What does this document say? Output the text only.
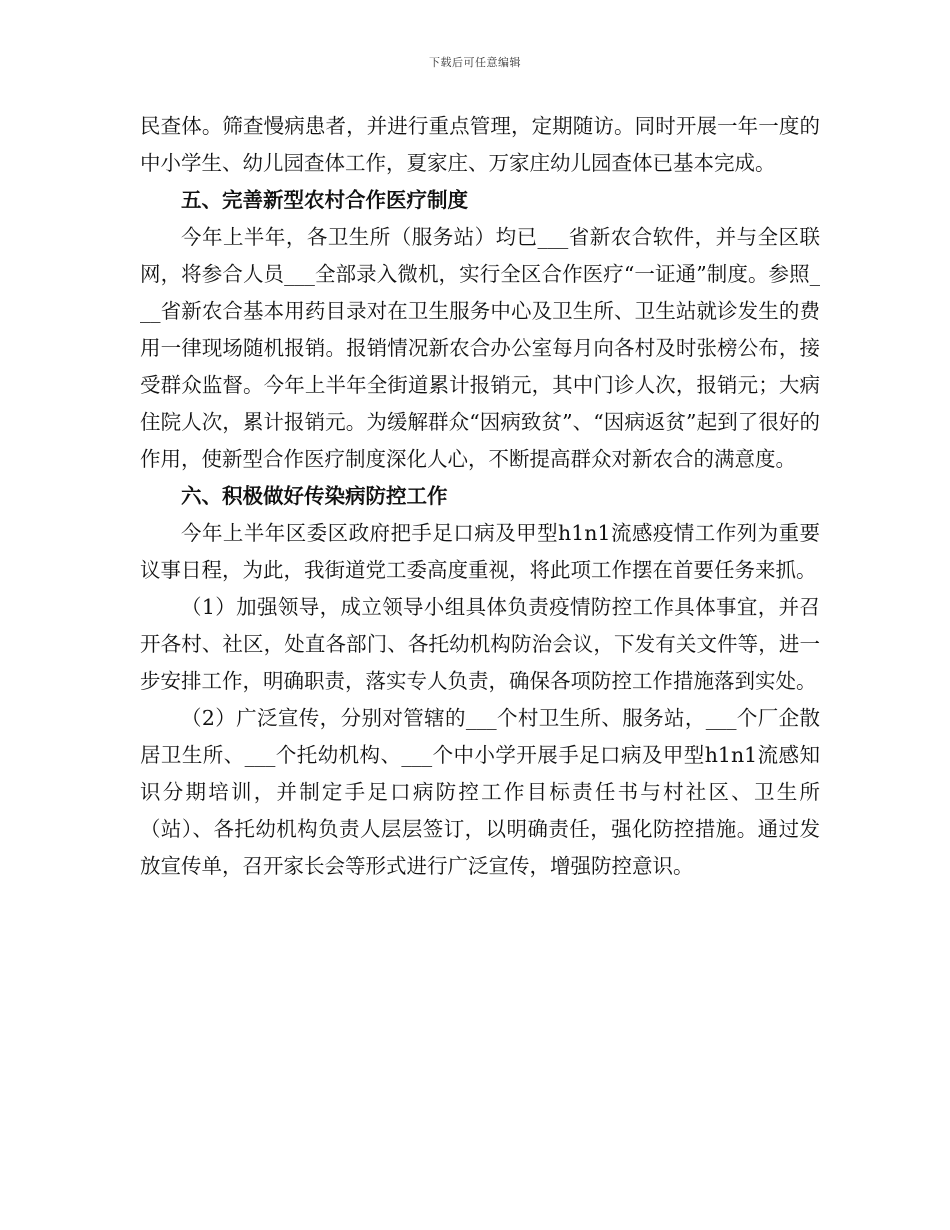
下载后可任意编辑

民查体。筛查慢病患者，并进行重点管理，定期随访。同时开展一年一度的中小学生、幼儿园查体工作，夏家庄、万家庄幼儿园查体已基本完成。

五、完善新型农村合作医疗制度

今年上半年，各卫生所（服务站）均已___省新农合软件，并与全区联网，将参合人员___全部录入微机，实行全区合作医疗“一证通”制度。参照___省新农合基本用药目录对在卫生服务中心及卫生所、卫生站就诊发生的费用一律现场随机报销。报销情况新农合办公室每月向各村及时张榜公布，接受群众监督。今年上半年全街道累计报销元，其中门诊人次，报销元；大病住院人次，累计报销元。为缓解群众“因病致贫”、“因病返贫”起到了很好的作用，使新型合作医疗制度深化人心，不断提高群众对新农合的满意度。

六、积极做好传染病防控工作

今年上半年区委区政府把手足口病及甲型h1n1流感疫情工作列为重要议事日程，为此，我街道党工委高度重视，将此项工作摆在首要任务来抓。

（1）加强领导，成立领导小组具体负责疫情防控工作具体事宜，并召开各村、社区，处直各部门、各托幼机构防治会议，下发有关文件等，进一步安排工作，明确职责，落实专人负责，确保各项防控工作措施落到实处。

（2）广泛宣传，分别对管辖的___个村卫生所、服务站，___个厂企散居卫生所、___个托幼机构、___个中小学开展手足口病及甲型h1n1流感知识分期培训，并制定手足口病防控工作目标责任书与村社区、卫生所（站）、各托幼机构负责人层层签订，以明确责任，强化防控措施。通过发放宣传单，召开家长会等形式进行广泛宣传，增强防控意识。
